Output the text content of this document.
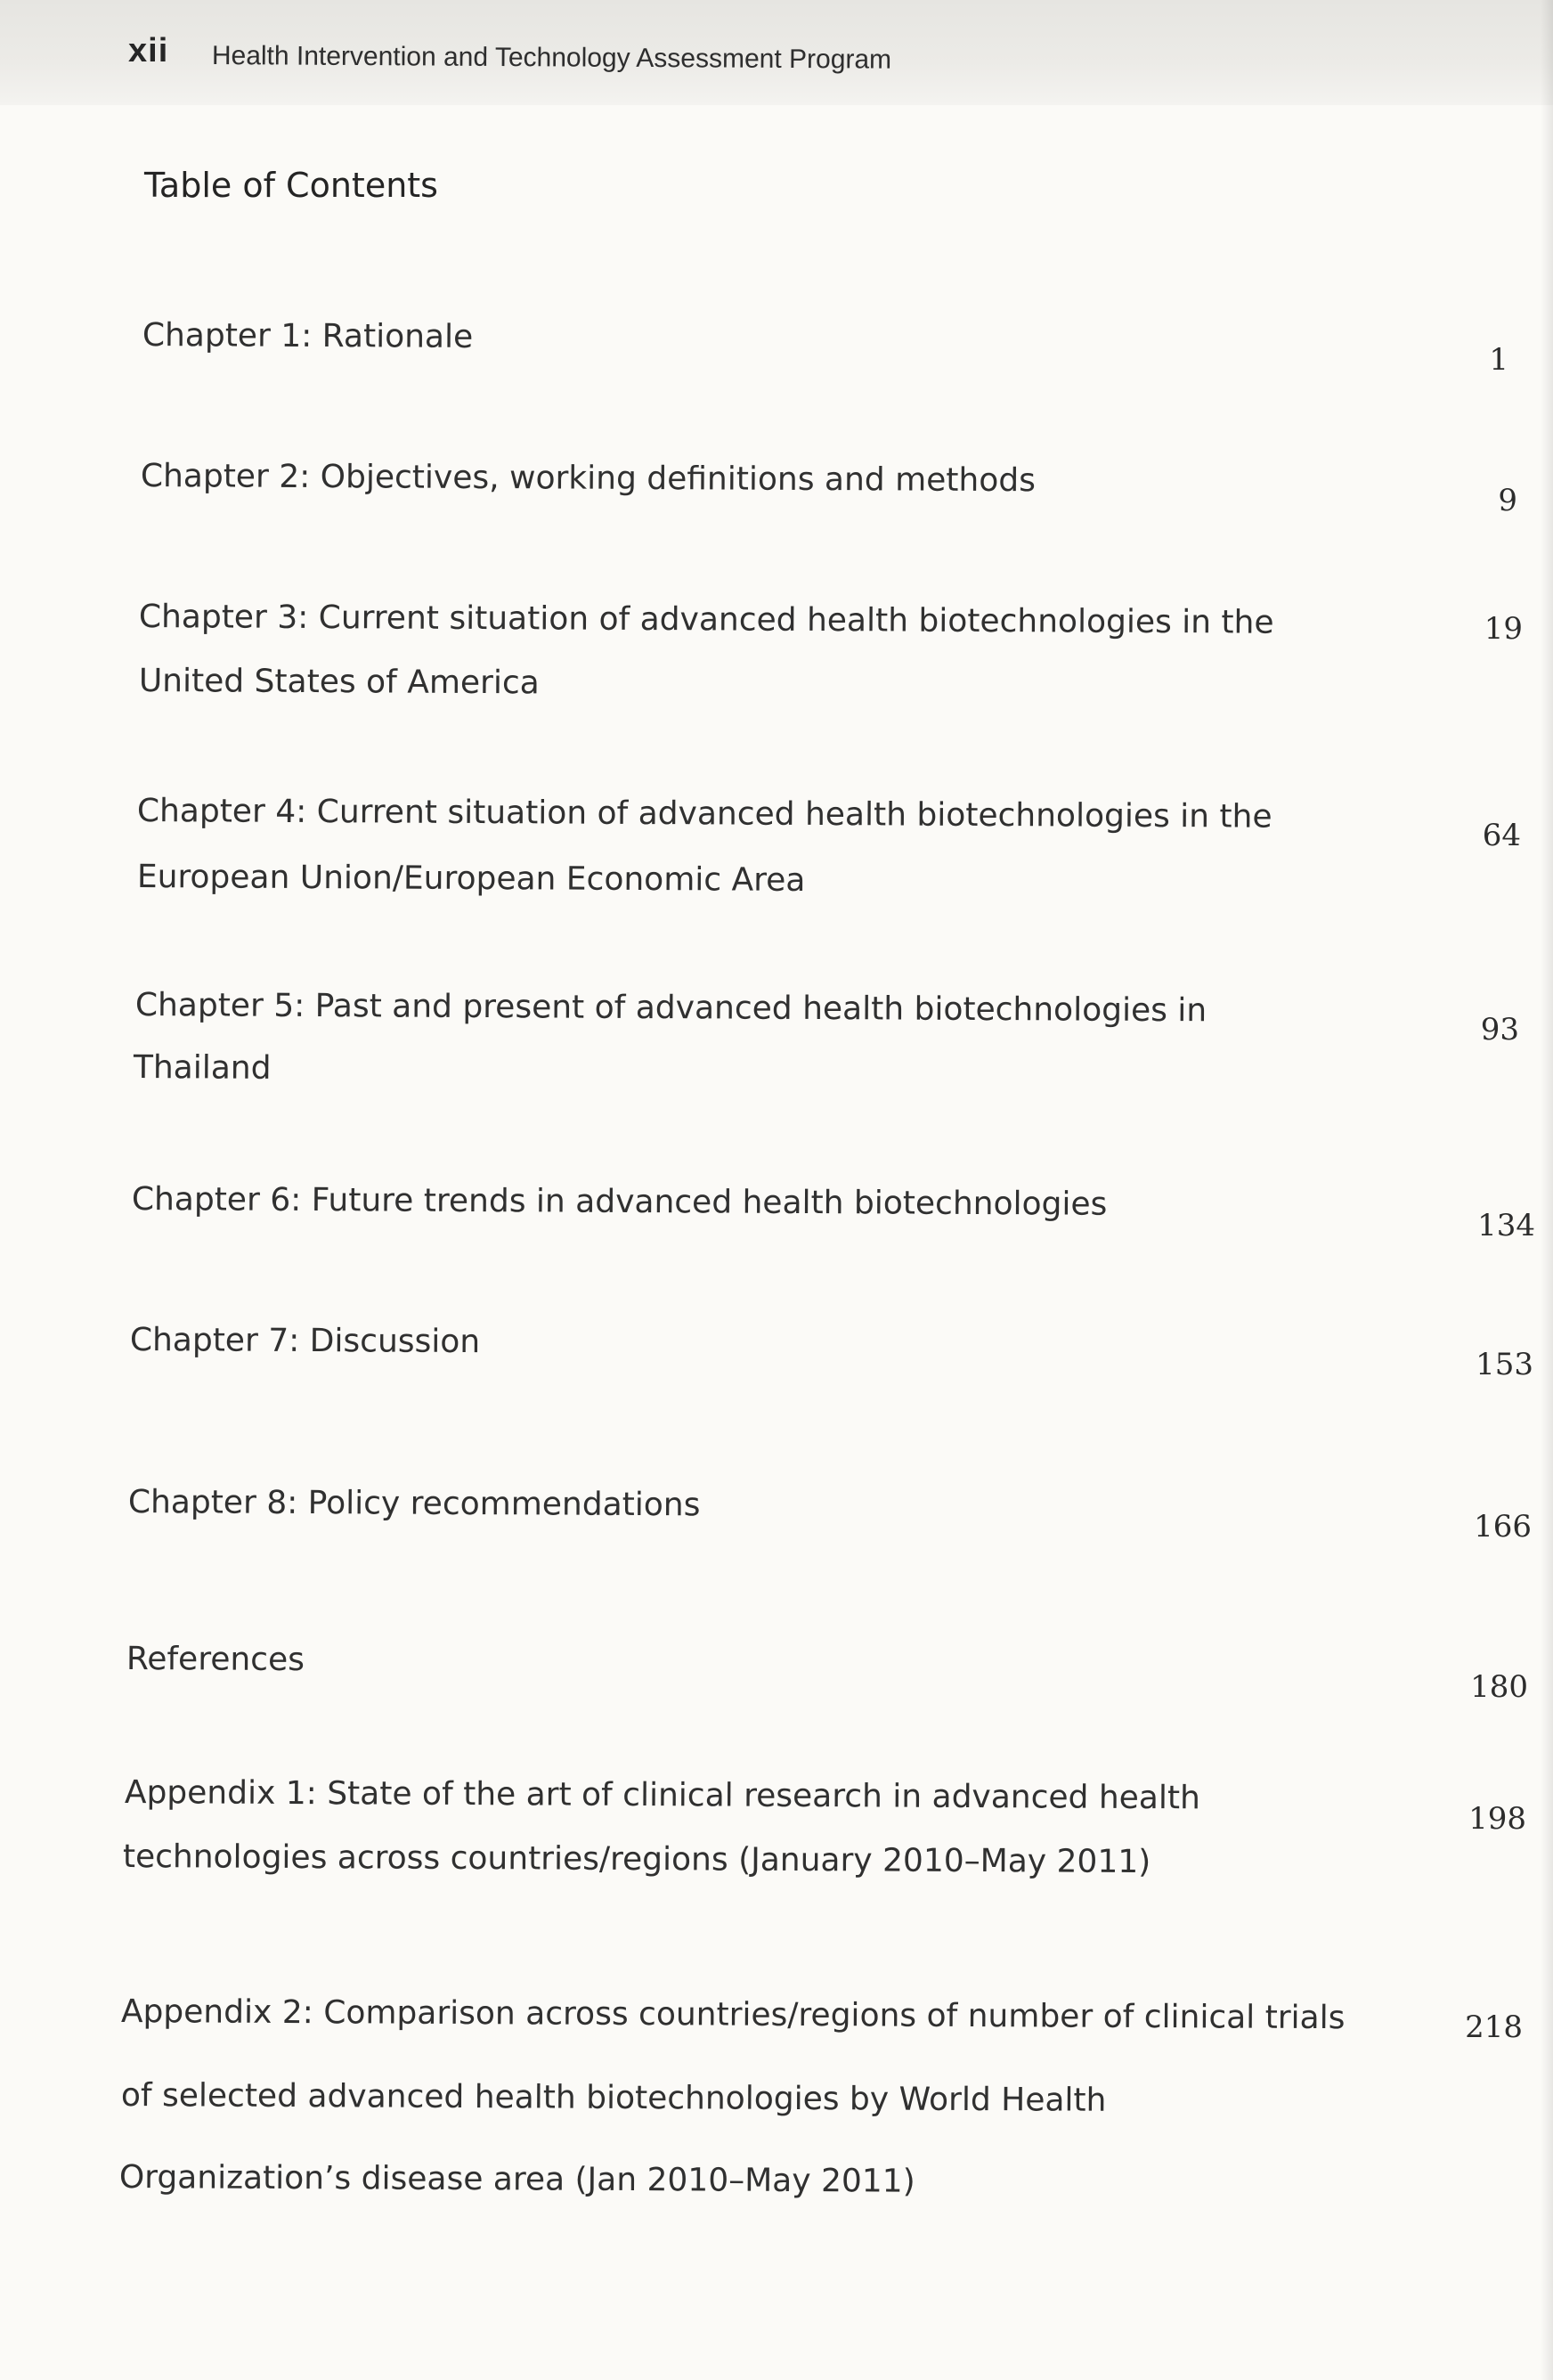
xii Health Intervention and Technology Assessment Program
Table of Contents
Chapter 1: Rationale
1
Chapter 2: Objectives, working definitions and methods
9
Chapter 3: Current situation of advanced health biotechnologies in the
United States of America
19
Chapter 4: Current situation of advanced health biotechnologies in the
European Union/European Economic Area
64
Chapter 5: Past and present of advanced health biotechnologies in
Thailand
93
Chapter 6: Future trends in advanced health biotechnologies
134
Chapter 7: Discussion
153
Chapter 8: Policy recommendations
166
References
180
Appendix 1: State of the art of clinical research in advanced health
technologies across countries/regions (January 2010–May 2011)
198
Appendix 2: Comparison across countries/regions of number of clinical trials
of selected advanced health biotechnologies by World Health
Organization’s disease area (Jan 2010–May 2011)
218
